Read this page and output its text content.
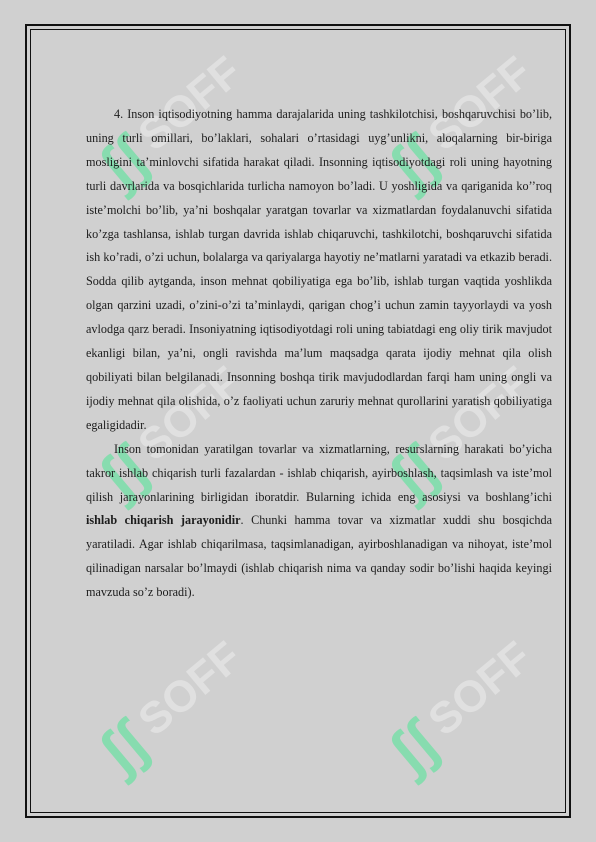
ʃʃ
SOFF
ʃʃ
SOFF
ʃʃ
SOFF
ʃʃ
SOFF
ʃʃ
SOFF
ʃʃ
SOFF

4. Inson iqtisodiyotning hamma darajalarida uning tashkilotchisi, boshqaruvchisi bo’lib, uning turli omillari, bo’laklari, sohalari o’rtasidagi uyg’unlikni, aloqalarning bir-biriga mosligini ta’minlovchi sifatida harakat qiladi. Insonning iqtisodiyotdagi roli uning hayotning turli davrlarida va bosqichlarida turlicha namoyon bo’ladi. U yoshligida va qariganida ko’’roq iste’molchi bo’lib, ya’ni boshqalar yaratgan tovarlar va xizmatlardan foydalanuvchi sifatida ko’zga tashlansa, ishlab turgan davrida ishlab chiqaruvchi, tashkilotchi, boshqaruvchi sifatida ish ko’radi, o’zi uchun, bolalarga va qariyalarga hayotiy ne’matlarni yaratadi va etkazib beradi. Sodda qilib aytganda, inson mehnat qobiliyatiga ega bo’lib, ishlab turgan vaqtida yoshlikda olgan qarzini uzadi, o’zini-o’zi ta’minlaydi, qarigan chog’i uchun zamin tayyorlaydi va yosh avlodga qarz beradi. Insoniyatning iqtisodiyotdagi roli uning tabiatdagi eng oliy tirik mavjudot ekanligi bilan, ya’ni, ongli ravishda ma’lum maqsadga qarata ijodiy mehnat qila olish qobiliyati bilan belgilanadi. Insonning boshqa tirik mavjudodlardan farqi ham uning ongli va ijodiy mehnat qila olishida, o’z faoliyati uchun zaruriy mehnat qurollarini yaratish qobiliyatiga egaligidadir.

Inson tomonidan yaratilgan tovarlar va xizmatlarning, resurslarning harakati bo’yicha takror ishlab chiqarish turli fazalardan - ishlab chiqarish, ayirboshlash, taqsimlash va iste’mol qilish jarayonlarining birligidan iboratdir. Bularning ichida eng asosiysi va boshlang’ichi ishlab chiqarish jarayonidir. Chunki hamma tovar va xizmatlar xuddi shu bosqichda yaratiladi. Agar ishlab chiqarilmasa, taqsimlanadigan, ayirboshlanadigan va nihoyat, iste’mol qilinadigan narsalar bo’lmaydi (ishlab chiqarish nima va qanday sodir bo’lishi haqida keyingi mavzuda so’z boradi).
